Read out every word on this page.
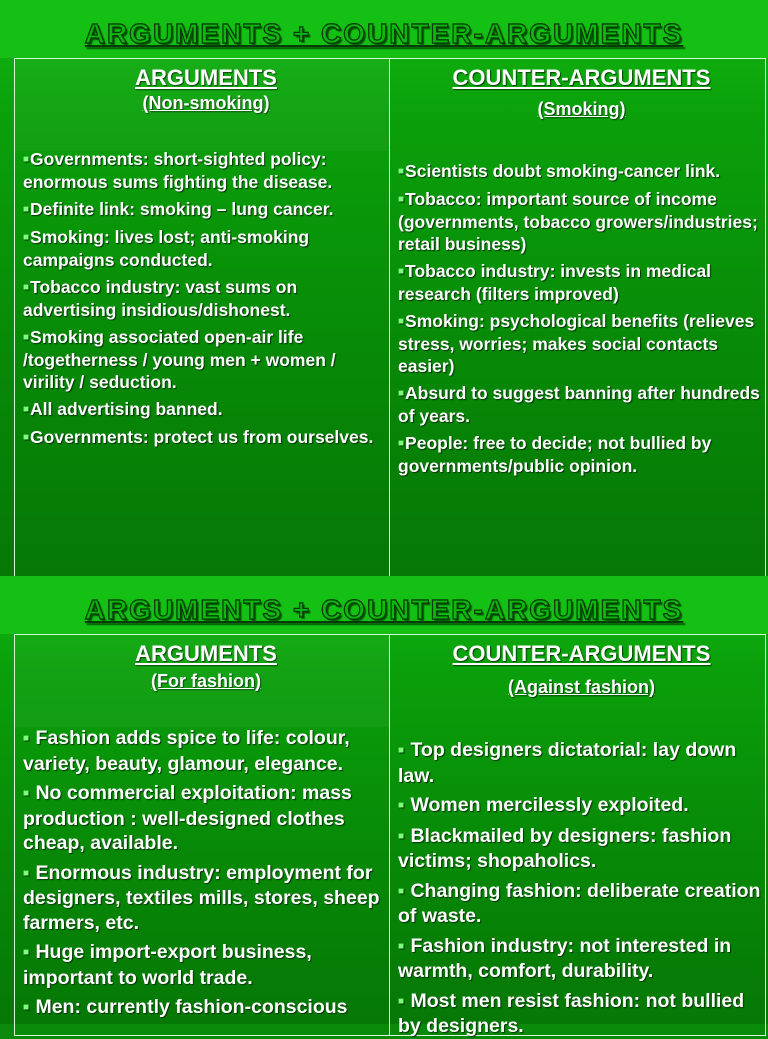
ARGUMENTS + COUNTER-ARGUMENTS
ARGUMENTS
(Non-smoking)
■Governments: short-sighted policy: enormous sums fighting the disease.
■Definite link: smoking – lung cancer.
■Smoking: lives lost; anti-smoking campaigns conducted.
■Tobacco industry: vast sums on advertising insidious/dishonest.
■Smoking associated open-air life /togetherness / young men + women / virility / seduction.
■All advertising banned.
■Governments: protect us from ourselves.
COUNTER-ARGUMENTS
(Smoking)
■Scientists doubt smoking-cancer link.
■Tobacco: important source of income (governments, tobacco growers/industries; retail business)
■Tobacco industry: invests in medical research (filters improved)
■Smoking: psychological benefits (relieves stress, worries; makes social contacts easier)
■Absurd to suggest banning after hundreds of years.
■People: free to decide; not bullied by governments/public opinion.
ARGUMENTS + COUNTER-ARGUMENTS
ARGUMENTS
(For fashion)
■ Fashion adds spice to life: colour, variety, beauty, glamour, elegance.
■ No commercial exploitation: mass production : well-designed clothes cheap, available.
■ Enormous industry: employment for designers, textiles mills, stores, sheep farmers, etc.
■ Huge import-export business, important to world trade.
■ Men: currently fashion-conscious
COUNTER-ARGUMENTS
(Against fashion)
■ Top designers dictatorial: lay down law.
■ Women mercilessly exploited.
■ Blackmailed by designers: fashion victims; shopaholics.
■ Changing fashion: deliberate creation of waste.
■ Fashion industry: not interested in warmth, comfort, durability.
■ Most men resist fashion: not bullied by designers.
